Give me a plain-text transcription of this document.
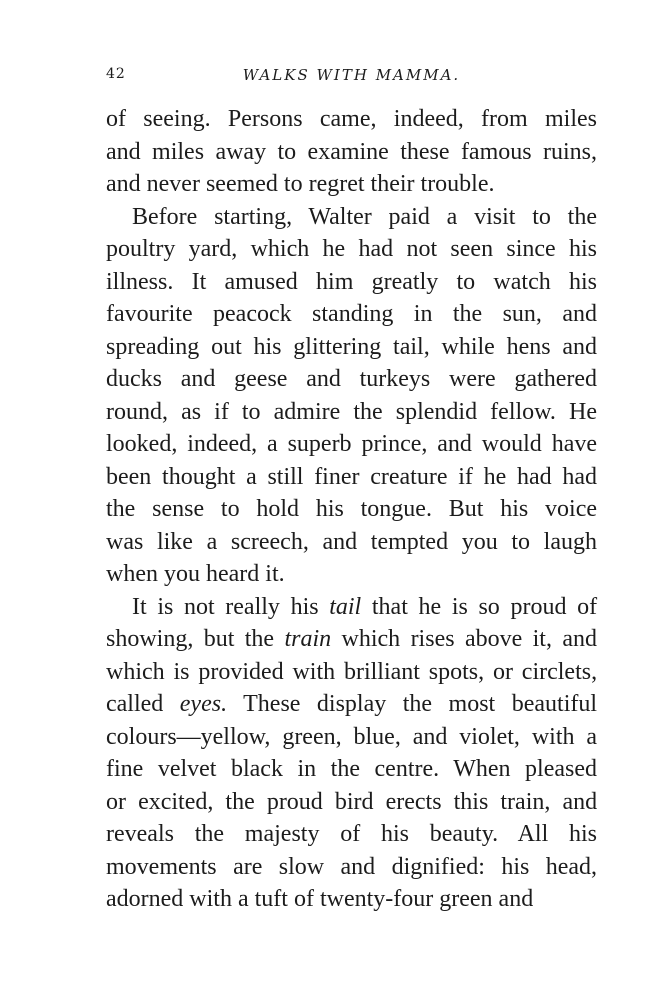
42	WALKS WITH MAMMA.
of seeing. Persons came, indeed, from miles
and miles away to examine these famous ruins,
and never seemed to regret their trouble.
Before starting, Walter paid a visit to the
poultry yard, which he had not seen since his
illness. It amused him greatly to watch his
favourite peacock standing in the sun, and
spreading out his glittering tail, while hens and
ducks and geese and turkeys were gathered
round, as if to admire the splendid fellow. He
looked, indeed, a superb prince, and would have
been thought a still finer creature if he had had
the sense to hold his tongue. But his voice
was like a screech, and tempted you to laugh
when you heard it.
It is not really his tail that he is so proud of
showing, but the train which rises above it, and
which is provided with brilliant spots, or circlets,
called eyes. These display the most beautiful
colours—yellow, green, blue, and violet, with a
fine velvet black in the centre. When pleased
or excited, the proud bird erects this train, and
reveals the majesty of his beauty. All his
movements are slow and dignified: his head,
adorned with a tuft of twenty-four green and
